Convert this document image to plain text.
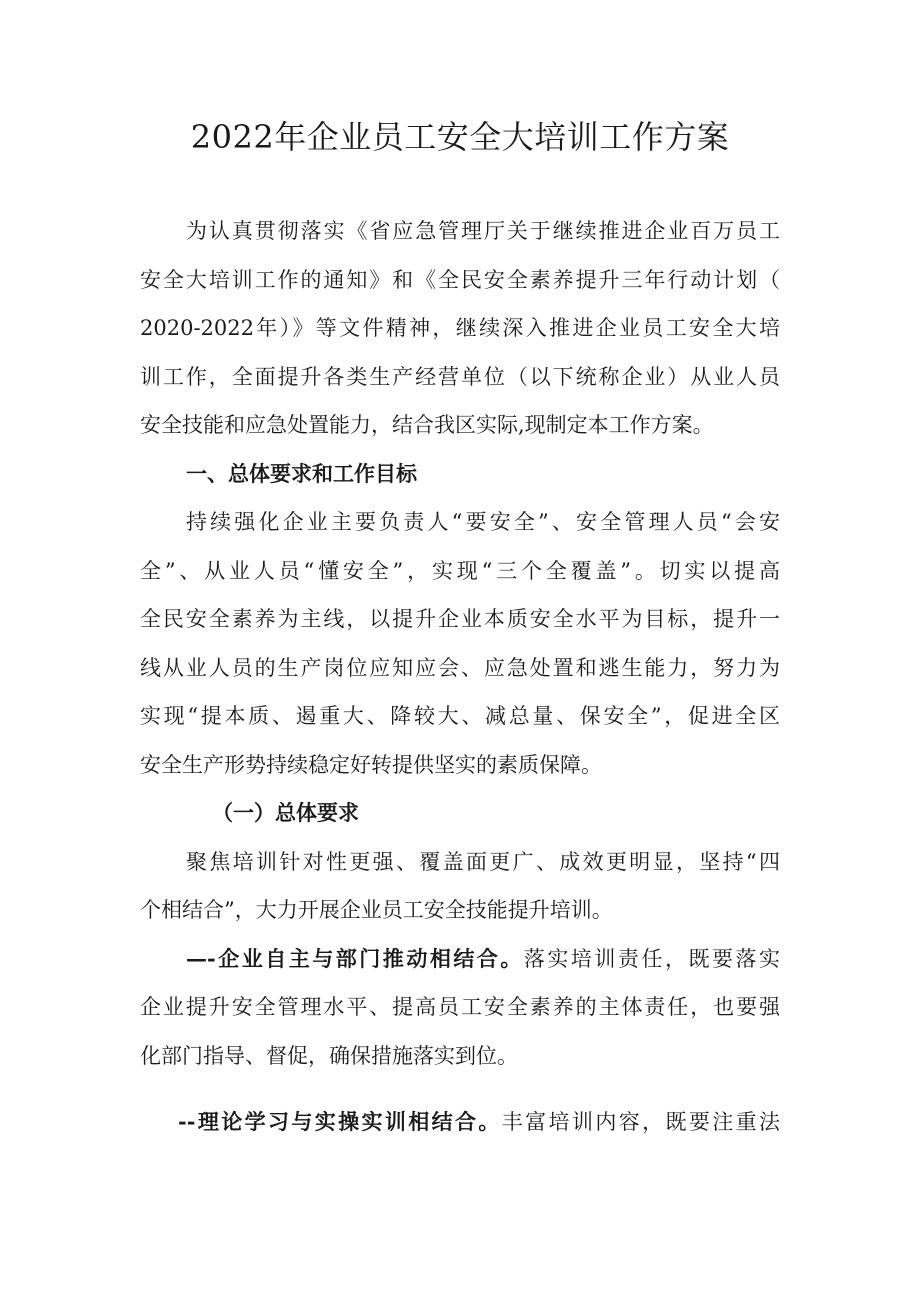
2022年企业员工安全大培训工作方案
为认真贯彻落实《省应急管理厅关于继续推进企业百万员工
安全大培训工作的通知》和《全民安全素养提升三年行动计划（
2020-2022年）》等文件精神，继续深入推进企业员工安全大培
训工作，全面提升各类生产经营单位（以下统称企业）从业人员
安全技能和应急处置能力，结合我区实际,现制定本工作方案。
一、总体要求和工作目标
持续强化企业主要负责人“要安全”、安全管理人员“会安
全”、从业人员“懂安全”，实现“三个全覆盖”。切实以提高
全民安全素养为主线，以提升企业本质安全水平为目标，提升一
线从业人员的生产岗位应知应会、应急处置和逃生能力，努力为
实现“提本质、遏重大、降较大、减总量、保安全”，促进全区
安全生产形势持续稳定好转提供坚实的素质保障。
（一）总体要求
聚焦培训针对性更强、覆盖面更广、成效更明显，坚持“四
个相结合”，大力开展企业员工安全技能提升培训。
—-企业自主与部门推动相结合。落实培训责任，既要落实
企业提升安全管理水平、提高员工安全素养的主体责任，也要强
化部门指导、督促，确保措施落实到位。
--理论学习与实操实训相结合。丰富培训内容，既要注重法
